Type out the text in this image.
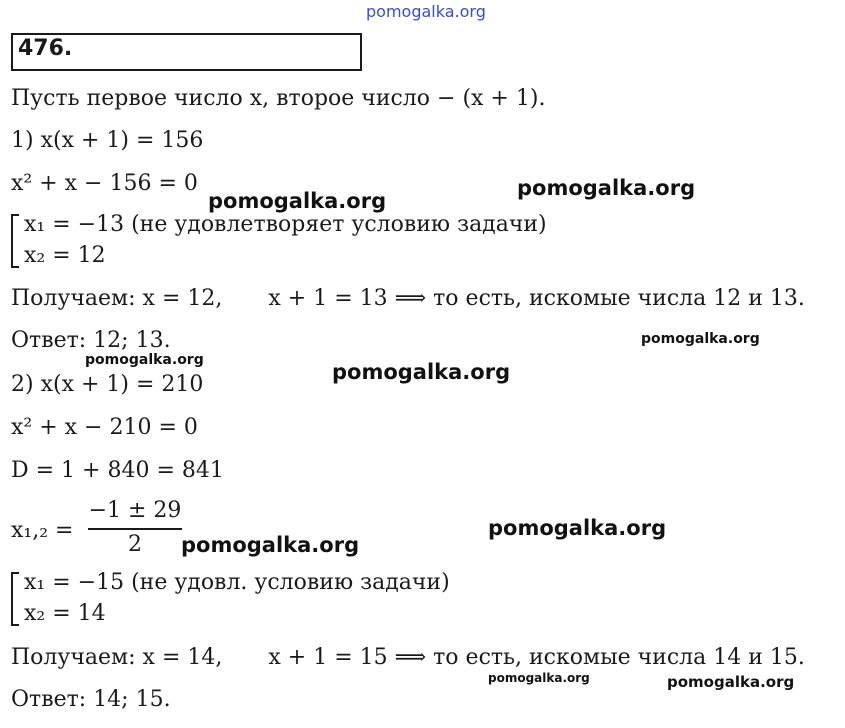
pomogalka.org
476.
Пусть первое число x, второе число − (x + 1).
1) x(x + 1) = 156
x² + x − 156 = 0
x₁ = −13 (не удовлетворяет условию задачи)
x₂ = 12
Получаем: x = 12, x + 1 = 13 ⟹ то есть, искомые числа 12 и 13.
Ответ: 12; 13.
2) x(x + 1) = 210
x² + x − 210 = 0
D = 1 + 840 = 841
x₁,₂ =
−1 ± 29
2
x₁ = −15 (не удовл. условию задачи)
x₂ = 14
Получаем: x = 14, x + 1 = 15 ⟹ то есть, искомые числа 14 и 15.
Ответ: 14; 15.
pomogalka.org
pomogalka.org
pomogalka.org
pomogalka.org	pomogalka.org
pomogalka.org
pomogalka.org
pomogalka.org	pomogalka.org
